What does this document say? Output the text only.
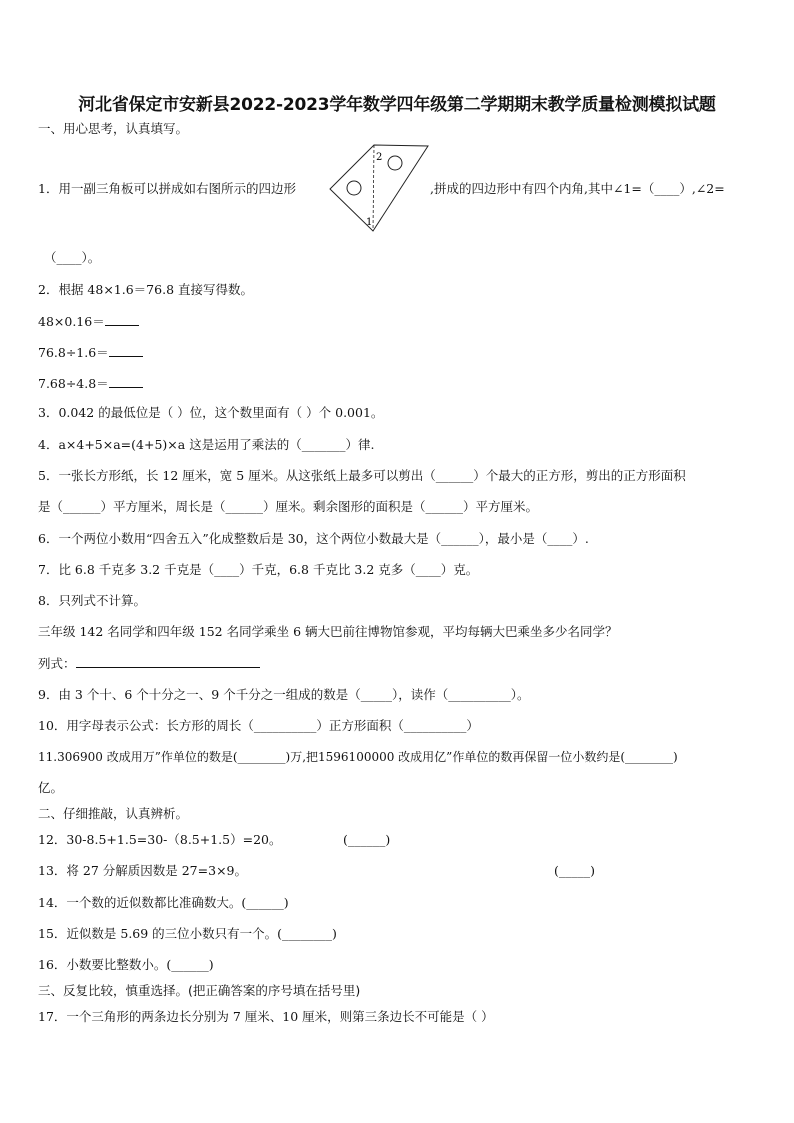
河北省保定市安新县2022-2023学年数学四年级第二学期期末教学质量检测模拟试题
一、用心思考，认真填写。
1．用一副三角板可以拼成如右图所示的四边形
2
1
,拼成的四边形中有四个内角,其中∠1=（____）,∠2=
（____）。
2．根据 48×1.6＝76.8 直接写得数。
48×0.16＝
76.8÷1.6＝
7.68÷4.8＝
3．0.042 的最低位是（ ）位，这个数里面有（ ）个 0.001。
4．a×4+5×a=(4+5)×a 这是运用了乘法的（_______）律.
5．一张长方形纸，长 12 厘米，宽 5 厘米。从这张纸上最多可以剪出（______）个最大的正方形，剪出的正方形面积
是（______）平方厘米，周长是（______）厘米。剩余图形的面积是（______）平方厘米。
6．一个两位小数用“四舍五入”化成整数后是 30，这个两位小数最大是（______），最小是（____）.
7．比 6.8 千克多 3.2 千克是（____）千克，6.8 千克比 3.2 克多（____）克。
8．只列式不计算。
三年级 142 名同学和四年级 152 名同学乘坐 6 辆大巴前往博物馆参观，平均每辆大巴乘坐多少名同学？
列式：
9．由 3 个十、6 个十分之一、9 个千分之一组成的数是（_____），读作（__________）。
10．用字母表示公式：长方形的周长（__________）正方形面积（__________）
11.306900 改成用万”作单位的数是(________)万,把1596100000 改成用亿”作单位的数再保留一位小数约是(________)
亿。
二、仔细推敲，认真辨析。
12．30-8.5+1.5=30-（8.5+1.5）=20。	(______)
13．将 27 分解质因数是 27=3×9。	(_____)
14．一个数的近似数都比准确数大。(______)
15．近似数是 5.69 的三位小数只有一个。(________)
16．小数要比整数小。(______)
三、反复比较，慎重选择。(把正确答案的序号填在括号里)
17．一个三角形的两条边长分别为 7 厘米、10 厘米，则第三条边长不可能是（ ）
